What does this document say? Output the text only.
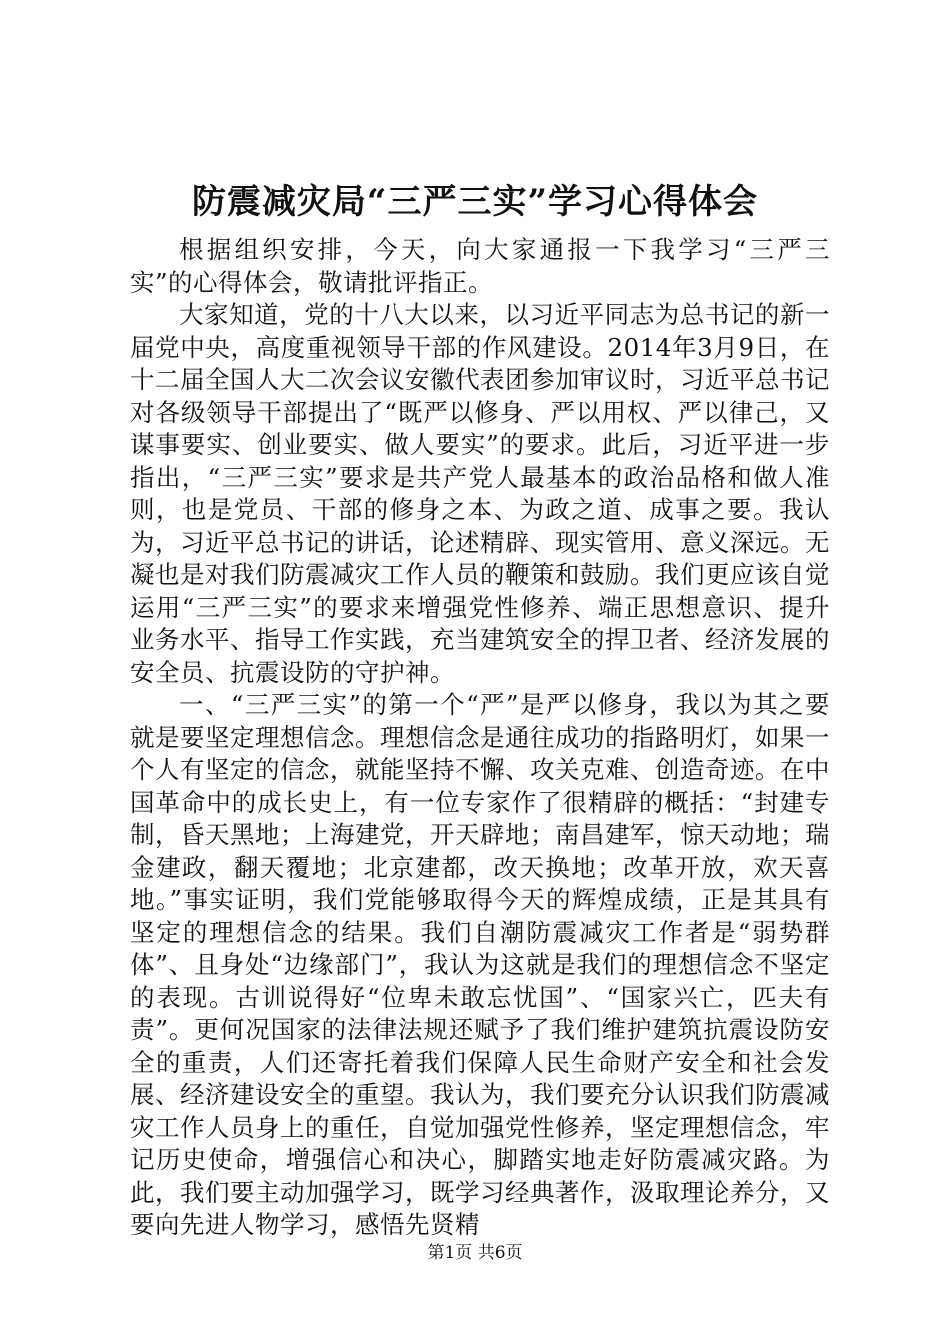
防震减灾局“三严三实”学习心得体会

根据组织安排，今天，向大家通报一下我学习“三严三实”的心得体会，敬请批评指正。

大家知道，党的十八大以来，以习近平同志为总书记的新一届党中央，高度重视领导干部的作风建设。2014年3月9日，在十二届全国人大二次会议安徽代表团参加审议时，习近平总书记对各级领导干部提出了“既严以修身、严以用权、严以律己，又谋事要实、创业要实、做人要实”的要求。此后，习近平进一步指出，“三严三实”要求是共产党人最基本的政治品格和做人准则，也是党员、干部的修身之本、为政之道、成事之要。我认为，习近平总书记的讲话，论述精辟、现实管用、意义深远。无凝也是对我们防震减灾工作人员的鞭策和鼓励。我们更应该自觉运用“三严三实”的要求来增强党性修养、端正思想意识、提升业务水平、指导工作实践，充当建筑安全的捍卫者、经济发展的安全员、抗震设防的守护神。

一、“三严三实”的第一个“严”是严以修身，我以为其之要就是要坚定理想信念。理想信念是通往成功的指路明灯，如果一个人有坚定的信念，就能坚持不懈、攻关克难、创造奇迹。在中国革命中的成长史上，有一位专家作了很精辟的概括：“封建专制，昏天黑地；上海建党，开天辟地；南昌建军，惊天动地；瑞金建政，翻天覆地；北京建都，改天换地；改革开放，欢天喜地。”事实证明，我们党能够取得今天的辉煌成绩，正是其具有坚定的理想信念的结果。我们自潮防震减灾工作者是“弱势群体”、且身处“边缘部门”，我认为这就是我们的理想信念不坚定的表现。古训说得好“位卑未敢忘忧国”、“国家兴亡，匹夫有责”。更何况国家的法律法规还赋予了我们维护建筑抗震设防安全的重责，人们还寄托着我们保障人民生命财产安全和社会发展、经济建设安全的重望。我认为，我们要充分认识我们防震减灾工作人员身上的重任，自觉加强党性修养，坚定理想信念，牢记历史使命，增强信心和决心，脚踏实地走好防震减灾路。为此，我们要主动加强学习，既学习经典著作，汲取理论养分，又要向先进人物学习，感悟先贤精

第1页 共6页
